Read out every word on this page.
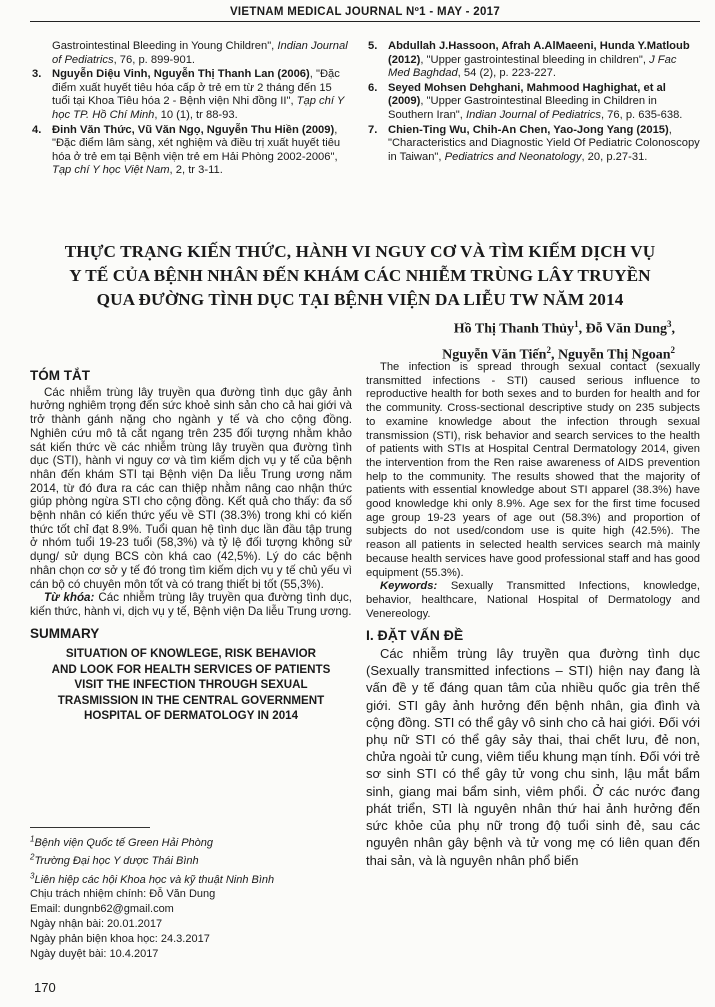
VIETNAM MEDICAL JOURNAL Nº1 - MAY - 2017
Gastrointestinal Bleeding in Young Children", Indian Journal of Pediatrics, 76, p. 899-901.
3. Nguyễn Diệu Vinh, Nguyễn Thị Thanh Lan (2006), "Đặc điểm xuất huyết tiêu hóa cấp ở trẻ em từ 2 tháng đến 15 tuổi tại Khoa Tiêu hóa 2 - Bệnh viện Nhi đồng II", Tạp chí Y học TP. Hồ Chí Minh, 10 (1), tr 88-93.
4. Đinh Văn Thức, Vũ Văn Ngọ, Nguyễn Thu Hiền (2009), "Đặc điểm lâm sàng, xét nghiệm và điều trị xuất huyết tiêu hóa ở trẻ em tại Bệnh viện trẻ em Hải Phòng 2002-2006", Tạp chí Y học Việt Nam, 2, tr 3-11.
5. Abdullah J.Hassoon, Afrah A.AlMaeeni, Hunda Y.Matloub (2012), "Upper gastrointestinal bleeding in children", J Fac Med Baghdad, 54 (2), p. 223-227.
6. Seyed Mohsen Dehghani, Mahmood Haghighat, et al (2009), "Upper Gastrointestinal Bleeding in Children in Southern Iran", Indian Journal of Pediatrics, 76, p. 635-638.
7. Chien-Ting Wu, Chih-An Chen, Yao-Jong Yang (2015), "Characteristics and Diagnostic Yield Of Pediatric Colonoscopy in Taiwan", Pediatrics and Neonatology, 20, p.27-31.
THỰC TRẠNG KIẾN THỨC, HÀNH VI NGUY CƠ VÀ TÌM KIẾM DỊCH VỤ
Y TẾ CỦA BỆNH NHÂN ĐẾN KHÁM CÁC NHIỄM TRÙNG LÂY TRUYỀN
QUA ĐƯỜNG TÌNH DỤC TẠI BỆNH VIỆN DA LIỄU TW NĂM 2014
Hồ Thị Thanh Thủy$^1$, Đỗ Văn Dung$^3$,
Nguyễn Văn Tiến$^2$, Nguyễn Thị Ngoan$^2$
TÓM TẮT

Các nhiễm trùng lây truyền qua đường tình dục gây ảnh hưởng nghiêm trọng đến sức khoẻ sinh sản cho cả hai giới và trở thành gánh nặng cho ngành y tế và cho cộng đồng. Nghiên cứu mô tả cắt ngang trên 235 đối tượng nhằm khảo sát kiến thức về các nhiễm trùng lây truyền qua đường tình dục (STI), hành vi nguy cơ và tìm kiếm dịch vụ y tế của bệnh nhân đến khám STI tại Bệnh viện Da liễu Trung ương năm 2014, từ đó đưa ra các can thiệp nhằm nâng cao nhận thức giúp phòng ngừa STI cho cộng đồng. Kết quả cho thấy: đa số bệnh nhân có kiến thức yếu về STI (38.3%) trong khi có kiến thức tốt chỉ đạt 8.9%. Tuổi quan hệ tình dục lần đầu tập trung ở nhóm tuổi 19-23 tuổi (58,3%) và tỷ lệ đối tượng không sử dụng/ sử dụng BCS còn khá cao (42,5%). Lý do các bệnh nhân chọn cơ sở y tế đó trong tìm kiếm dịch vụ y tế chủ yếu vì cán bộ có chuyên môn tốt và có trang thiết bị tốt (55,3%).

Từ khóa: Các nhiễm trùng lây truyền qua đường tình dục, kiến thức, hành vi, dịch vụ y tế, Bệnh viện Da liễu Trung ương.

SUMMARY
SITUATION OF KNOWLEGE, RISK BEHAVIOR
AND LOOK FOR HEALTH SERVICES OF PATIENTS
VISIT THE INFECTION THROUGH SEXUAL
TRASMISSION IN THE CENTRAL GOVERNMENT
HOSPITAL OF DERMATOLOGY IN 2014

The infection is spread through sexual contact (sexually transmitted infections - STI) caused serious influence to reproductive health for both sexes and to burden for health and for the community. Cross-sectional descriptive study on 235 subjects to examine knowledge about the infection through sexual transmission (STI), risk behavior and search services to the health of patients with STIs at Hospital Central Dermatology 2014, given the intervention from the Ren raise awareness of AIDS prevention help to the community. The results showed that the majority of patients with essential knowledge about STI apparel (38.3%) have good knowledge khi only 8.9%. Age sex for the first time focused age group 19-23 years of age out (58.3%) and proportion of subjects do not used/condom use is quite high (42.5%). The reason all patients in selected health services search mà mainly because health services have good professional staff and has good equipment (55.3%).

Keywords: Sexually Transmitted Infections, knowledge, behavior, healthcare, National Hospital of Dermatology and Venereology.

I. ĐẶT VẤN ĐỀ

Các nhiễm trùng lây truyền qua đường tình dục (Sexually transmitted infections – STI) hiện nay đang là vấn đề y tế đáng quan tâm của nhiều quốc gia trên thế giới. STI gây ảnh hưởng đến bệnh nhân, gia đình và cộng đồng. STI có thể gây vô sinh cho cả hai giới. Đối với phụ nữ STI có thể gây sảy thai, thai chết lưu, đẻ non, chửa ngoài tử cung, viêm tiểu khung mạn tính. Đối với trẻ sơ sinh STI có thể gây tử vong chu sinh, lậu mắt bẩm sinh, giang mai bẩm sinh, viêm phổi. Ở các nước đang phát triển, STI là nguyên nhân thứ hai ảnh hưởng đến sức khỏe của phụ nữ trong độ tuổi sinh đẻ, sau các nguyên nhân gây bệnh và tử vong mẹ có liên quan đến thai sản, và là nguyên nhân phổ biến

$^1$Bệnh viện Quốc tế Green Hải Phòng
$^2$Trường Đại học Y dược Thái Bình
$^3$Liên hiệp các hội Khoa học và kỹ thuật Ninh Bình
Chịu trách nhiệm chính: Đỗ Văn Dung
Email: dungnb62@gmail.com
Ngày nhận bài: 20.01.2017
Ngày phản biện khoa học: 24.3.2017
Ngày duyệt bài: 10.4.2017
170
